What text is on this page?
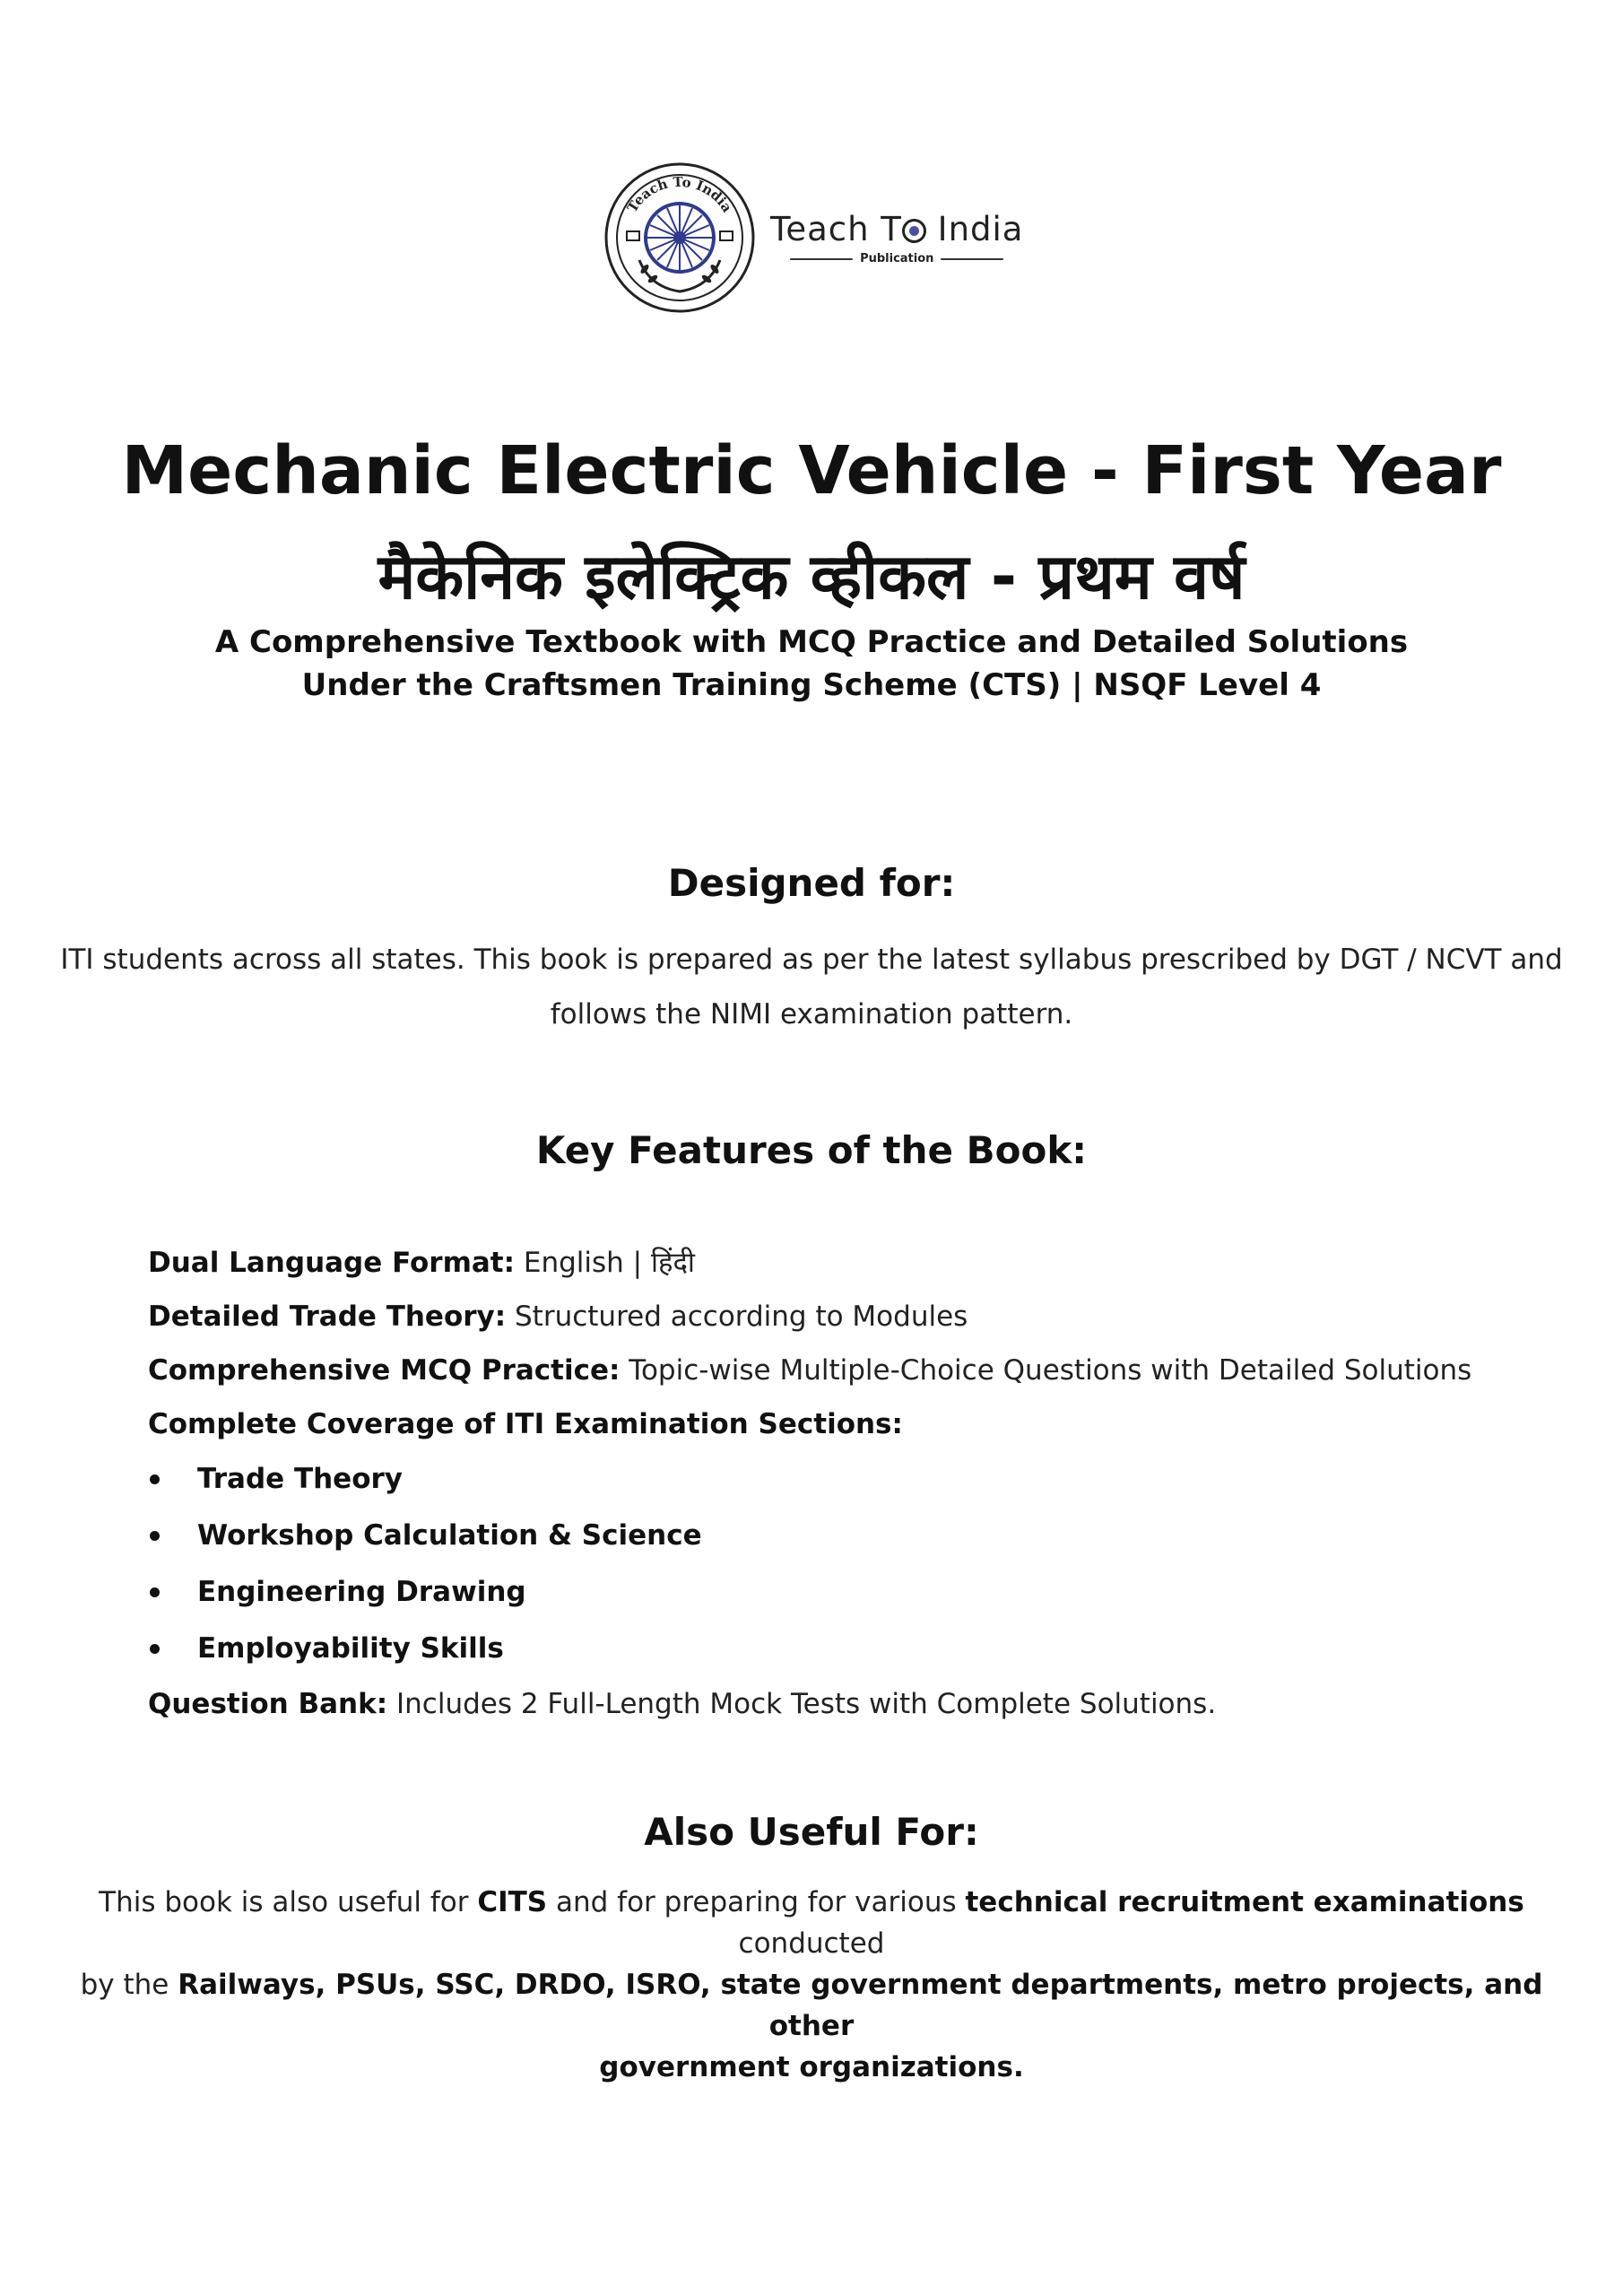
Teach To India
Teach T India
Publication
Mechanic Electric Vehicle - First Year
मैकेनिक इलेक्ट्रिक व्हीकल - प्रथम वर्ष
A Comprehensive Textbook with MCQ Practice and Detailed Solutions
Under the Craftsmen Training Scheme (CTS) | NSQF Level 4
Designed for:
ITI students across all states. This book is prepared as per the latest syllabus prescribed by DGT / NCVT and
follows the NIMI examination pattern.
Key Features of the Book:
Dual Language Format: English | हिंदी
Detailed Trade Theory: Structured according to Modules
Comprehensive MCQ Practice: Topic-wise Multiple-Choice Questions with Detailed Solutions
Complete Coverage of ITI Examination Sections:
Trade Theory
Workshop Calculation & Science
Engineering Drawing
Employability Skills
Question Bank: Includes 2 Full-Length Mock Tests with Complete Solutions.
Also Useful For:
This book is also useful for CITS and for preparing for various technical recruitment examinations conducted
by the Railways, PSUs, SSC, DRDO, ISRO, state government departments, metro projects, and other
government organizations.
